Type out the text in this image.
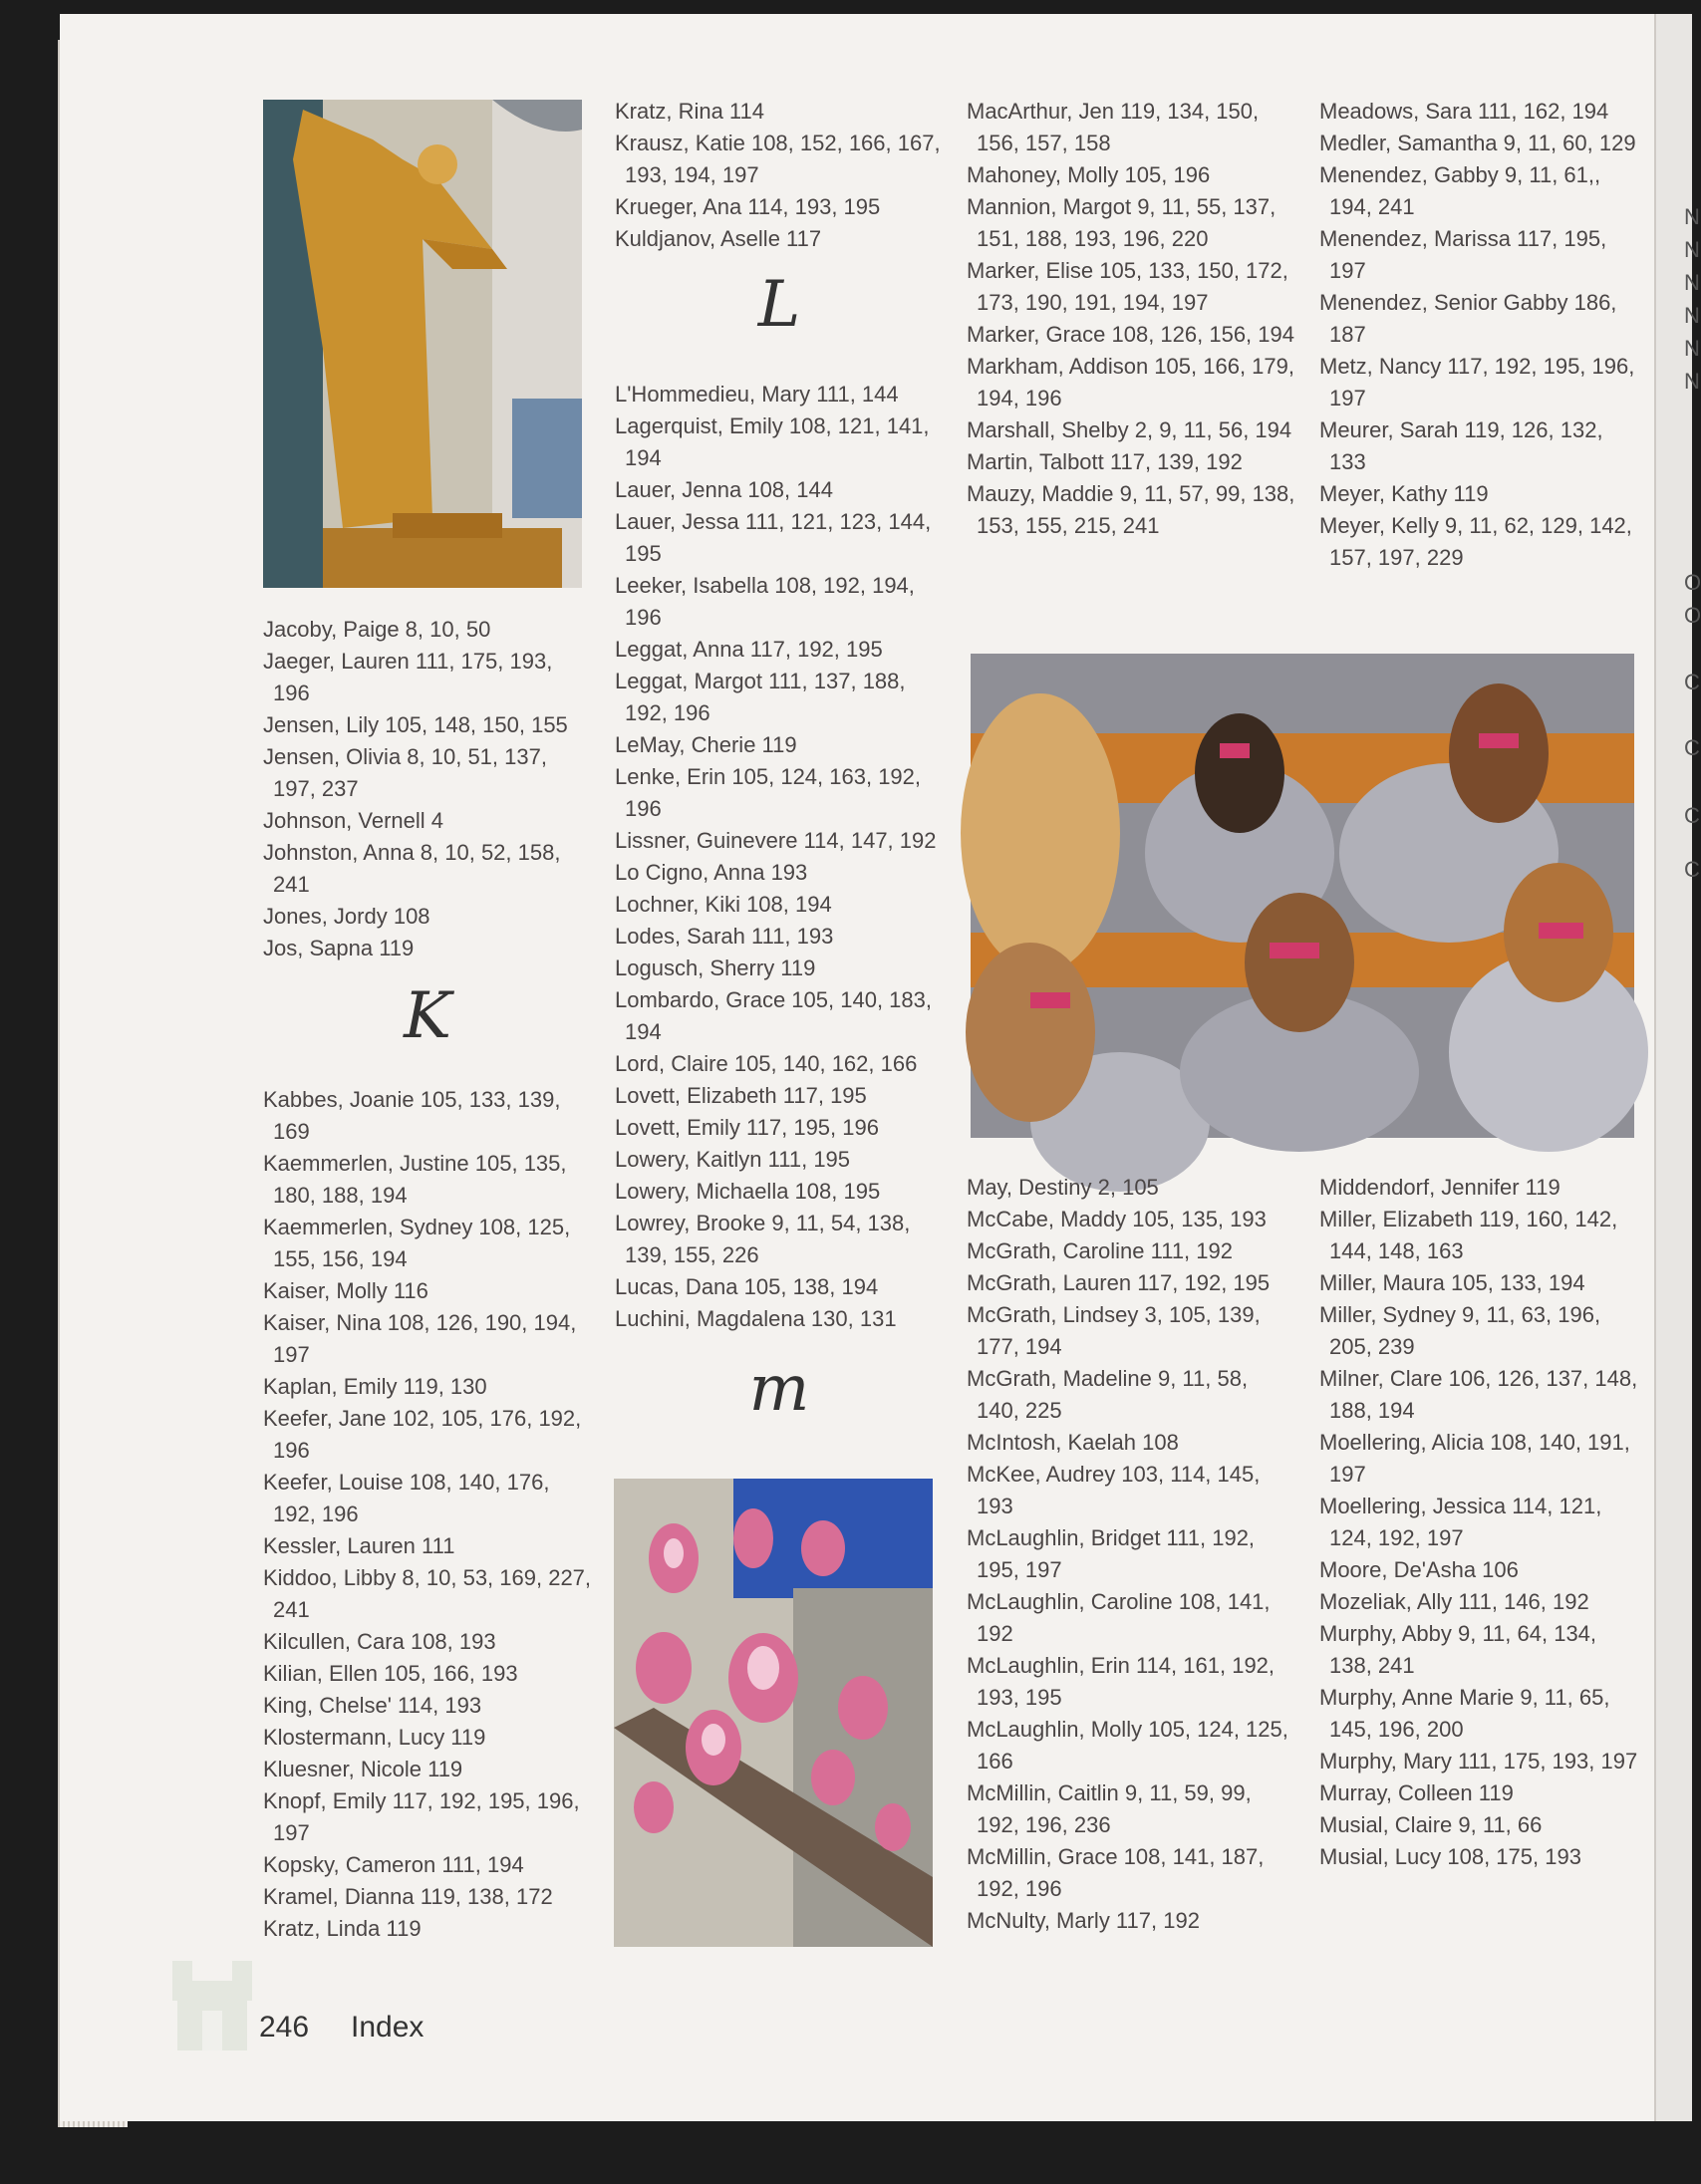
Jacoby, Paige 8, 10, 50
Jaeger, Lauren 111, 175, 193, 196
Jensen, Lily 105, 148, 150, 155
Jensen, Olivia 8, 10, 51, 137, 197, 237
Johnson, Vernell 4
Johnston, Anna 8, 10, 52, 158, 241
Jones, Jordy 108
Jos, Sapna 119
K
Kabbes, Joanie 105, 133, 139, 169
Kaemmerlen, Justine 105, 135, 180, 188, 194
Kaemmerlen, Sydney 108, 125, 155, 156, 194
Kaiser, Molly 116
Kaiser, Nina 108, 126, 190, 194, 197
Kaplan, Emily 119, 130
Keefer, Jane 102, 105, 176, 192, 196
Keefer, Louise 108, 140, 176, 192, 196
Kessler, Lauren 111
Kiddoo, Libby 8, 10, 53, 169, 227, 241
Kilcullen, Cara 108, 193
Kilian, Ellen 105, 166, 193
King, Chelse' 114, 193
Klostermann, Lucy 119
Kluesner, Nicole 119
Knopf, Emily 117, 192, 195, 196, 197
Kopsky, Cameron 111, 194
Kramel, Dianna 119, 138, 172
Kratz, Linda 119
Kratz, Rina 114
Krausz, Katie 108, 152, 166, 167, 193, 194, 197
Krueger, Ana 114, 193, 195
Kuldjanov, Aselle 117
L
L'Hommedieu, Mary 111, 144
Lagerquist, Emily 108, 121, 141, 194
Lauer, Jenna 108, 144
Lauer, Jessa 111, 121, 123, 144, 195
Leeker, Isabella 108, 192, 194, 196
Leggat, Anna 117, 192, 195
Leggat, Margot 111, 137, 188, 192, 196
LeMay, Cherie 119
Lenke, Erin 105, 124, 163, 192, 196
Lissner, Guinevere 114, 147, 192
Lo Cigno, Anna 193
Lochner, Kiki 108, 194
Lodes, Sarah 111, 193
Logusch, Sherry 119
Lombardo, Grace 105, 140, 183, 194
Lord, Claire 105, 140, 162, 166
Lovett, Elizabeth 117, 195
Lovett, Emily 117, 195, 196
Lowery, Kaitlyn 111, 195
Lowery, Michaella 108, 195
Lowrey, Brooke 9, 11, 54, 138, 139, 155, 226
Lucas, Dana 105, 138, 194
Luchini, Magdalena 130, 131
m
MacArthur, Jen 119, 134, 150, 156, 157, 158
Mahoney, Molly 105, 196
Mannion, Margot 9, 11, 55, 137, 151, 188, 193, 196, 220
Marker, Elise 105, 133, 150, 172, 173, 190, 191, 194, 197
Marker, Grace 108, 126, 156, 194
Markham, Addison 105, 166, 179, 194, 196
Marshall, Shelby 2, 9, 11, 56, 194
Martin, Talbott 117, 139, 192
Mauzy, Maddie 9, 11, 57, 99, 138, 153, 155, 215, 241
Meadows, Sara 111, 162, 194
Medler, Samantha 9, 11, 60, 129
Menendez, Gabby 9, 11, 61,, 194, 241
Menendez, Marissa 117, 195, 197
Menendez, Senior Gabby 186, 187
Metz, Nancy 117, 192, 195, 196, 197
Meurer, Sarah 119, 126, 132, 133
Meyer, Kathy 119
Meyer, Kelly 9, 11, 62, 129, 142, 157, 197, 229
May, Destiny 2, 105
McCabe, Maddy 105, 135, 193
McGrath, Caroline 111, 192
McGrath, Lauren 117, 192, 195
McGrath, Lindsey 3, 105, 139, 177, 194
McGrath, Madeline 9, 11, 58, 140, 225
McIntosh, Kaelah 108
McKee, Audrey 103, 114, 145, 193
McLaughlin, Bridget 111, 192, 195, 197
McLaughlin, Caroline 108, 141, 192
McLaughlin, Erin 114, 161, 192, 193, 195
McLaughlin, Molly 105, 124, 125, 166
McMillin, Caitlin 9, 11, 59, 99, 192, 196, 236
McMillin, Grace 108, 141, 187, 192, 196
McNulty, Marly 117, 192
Middendorf, Jennifer 119
Miller, Elizabeth 119, 160, 142, 144, 148, 163
Miller, Maura 105, 133, 194
Miller, Sydney 9, 11, 63, 196, 205, 239
Milner, Clare 106, 126, 137, 148, 188, 194
Moellering, Alicia 108, 140, 191, 197
Moellering, Jessica 114, 121, 124, 192, 197
Moore, De'Asha 106
Mozeliak, Ally 111, 146, 192
Murphy, Abby 9, 11, 64, 134, 138, 241
Murphy, Anne Marie 9, 11, 65, 145, 196, 200
Murphy, Mary 111, 175, 193, 197
Murray, Colleen 119
Musial, Claire 9, 11, 66
Musial, Lucy 108, 175, 193
N
N
N
N
N
N
O
O
C
C
C
C
246 Index
